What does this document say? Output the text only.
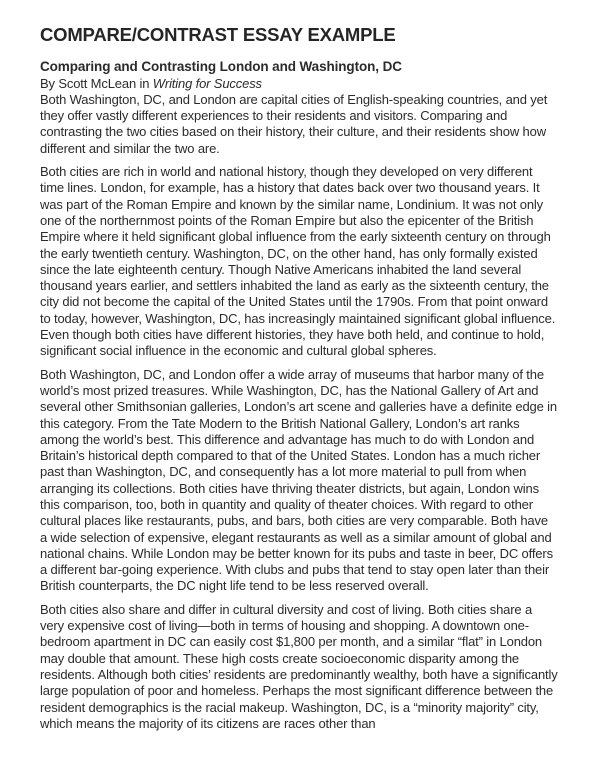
COMPARE/CONTRAST ESSAY EXAMPLE
Comparing and Contrasting London and Washington, DC

By Scott McLean in Writing for Success

Both Washington, DC, and London are capital cities of English-speaking countries, and yet they offer vastly different experiences to their residents and visitors. Comparing and contrasting the two cities based on their history, their culture, and their residents show how different and similar the two are.

Both cities are rich in world and national history, though they developed on very different time lines. London, for example, has a history that dates back over two thousand years. It was part of the Roman Empire and known by the similar name, Londinium. It was not only one of the northernmost points of the Roman Empire but also the epicenter of the British Empire where it held significant global influence from the early sixteenth century on through the early twentieth century. Washington, DC, on the other hand, has only formally existed since the late eighteenth century. Though Native Americans inhabited the land several thousand years earlier, and settlers inhabited the land as early as the sixteenth century, the city did not become the capital of the United States until the 1790s. From that point onward to today, however, Washington, DC, has increasingly maintained significant global influence. Even though both cities have different histories, they have both held, and continue to hold, significant social influence in the economic and cultural global spheres.

Both Washington, DC, and London offer a wide array of museums that harbor many of the world’s most prized treasures. While Washington, DC, has the National Gallery of Art and several other Smithsonian galleries, London’s art scene and galleries have a definite edge in this category. From the Tate Modern to the British National Gallery, London’s art ranks among the world’s best. This difference and advantage has much to do with London and Britain’s historical depth compared to that of the United States. London has a much richer past than Washington, DC, and consequently has a lot more material to pull from when arranging its collections. Both cities have thriving theater districts, but again, London wins this comparison, too, both in quantity and quality of theater choices. With regard to other cultural places like restaurants, pubs, and bars, both cities are very comparable. Both have a wide selection of expensive, elegant restaurants as well as a similar amount of global and national chains. While London may be better known for its pubs and taste in beer, DC offers a different bar-going experience. With clubs and pubs that tend to stay open later than their British counterparts, the DC night life tend to be less reserved overall.

Both cities also share and differ in cultural diversity and cost of living. Both cities share a very expensive cost of living—both in terms of housing and shopping. A downtown one-bedroom apartment in DC can easily cost $1,800 per month, and a similar “flat” in London may double that amount. These high costs create socioeconomic disparity among the residents. Although both cities’ residents are predominantly wealthy, both have a significantly large population of poor and homeless. Perhaps the most significant difference between the resident demographics is the racial makeup. Washington, DC, is a “minority majority” city, which means the majority of its citizens are races other than
